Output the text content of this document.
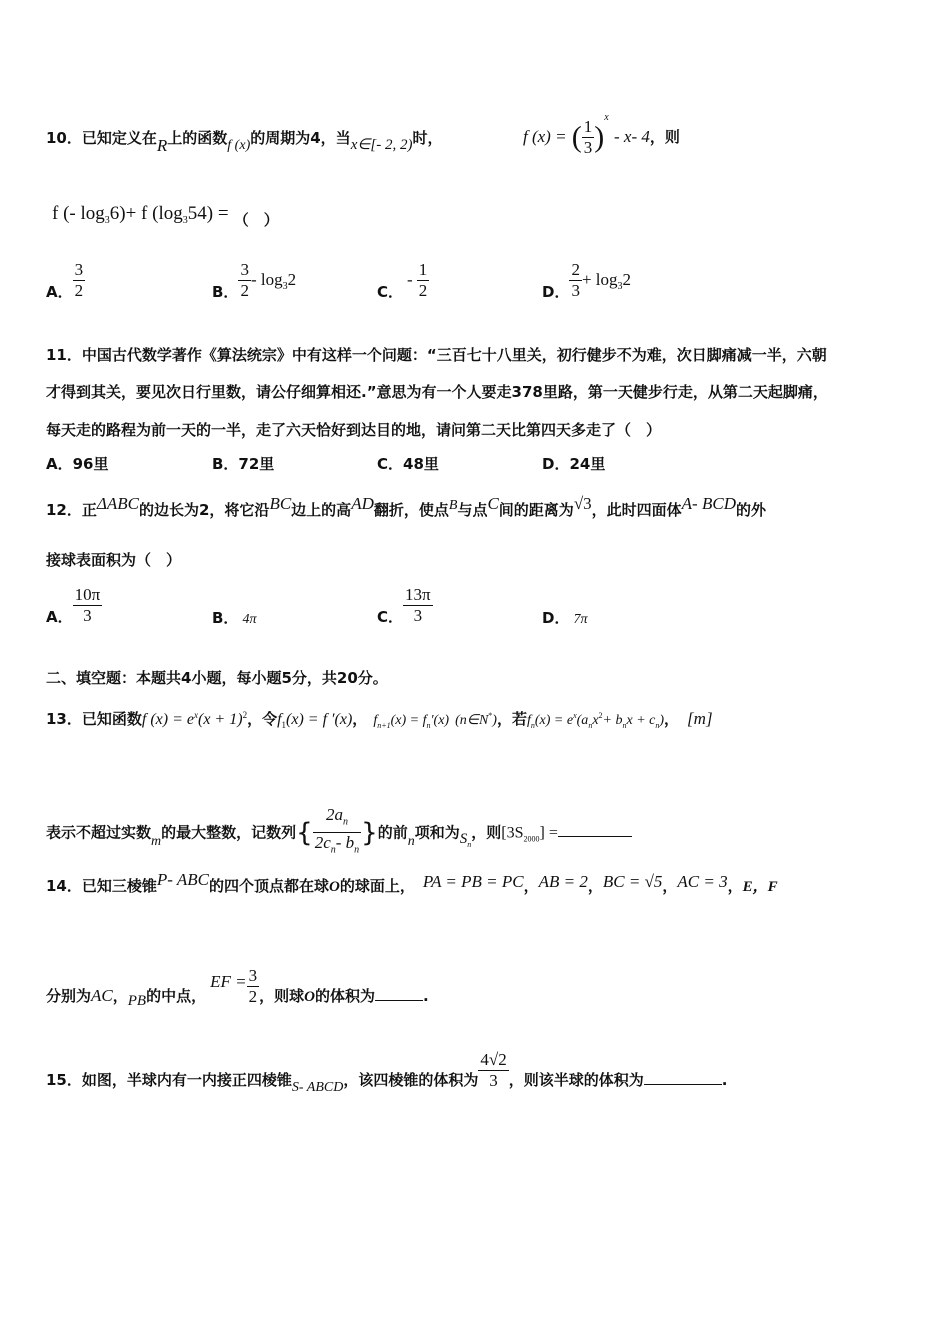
10．已知定义在R上的函数f (x)的周期为4，当x∈[- 2, 2)时，	f (x) = ( $\frac{1}{3} )^x - x-$ 4，则
f (- $\log_36)+ f$ $(\log_354)$ = （　）
A． $\frac{3}{2}$	B． $\frac{3}{2} - \log_32$
C．- $\frac{1}{2}$	D． $\frac{2}{3} + \log_32$
11．中国古代数学著作《算法统宗》中有这样一个问题：“三百七十八里关，初行健步不为难，次日脚痛减一半，六朝
才得到其关，要见次日行里数，请公仔细算相还.”意思为有一个人要走378里路，第一天健步行走，从第二天起脚痛，
每天走的路程为前一天的一半，走了六天恰好到达目的地，请问第二天比第四天多走了（　）
A．96里	B．72里	C．48里	D．24里
12．正ΔABC的边长为2，将它沿BC边上的高AD翻折，使点B与点C间的距离为√3，此时四面体A- BCD的外
接球表面积为（　）
A． $\frac{10\pi}{3}$	B． 4π	C． $\frac{13\pi}{3}$	D． 7π
二、填空题：本题共4小题，每小题5分，共20分。
13．已知函数f $(x) = e^x(x + 1)^2$，令$f_1(x) = f$ ′(x)， $f_{n+1}(x) = f_n'(x)$ (n∈N*)，若$f_n(x) = e^x(a_nx^2+ b_nx + c_n)$， [m]
表示不超过实数m的最大整数，记数列{ $\frac{2a_n}{2c_n- b_n}$ }的前n项和为$S_n$，则$[3S_{2000}]$ =
14．已知三棱锥P- ABC的四个顶点都在球O的球面上， PA = PB = PC，AB = 2，BC = √5，AC = 3，E，F
分别为AC，PB的中点，EF = $\frac{3}{2}$ ，则球O的体积为	.
15．如图，半球内有一内接正四棱锥S- ABCD，该四棱锥的体积为 $\frac{4√2}{3}$ ，则该半球的体积为	.
